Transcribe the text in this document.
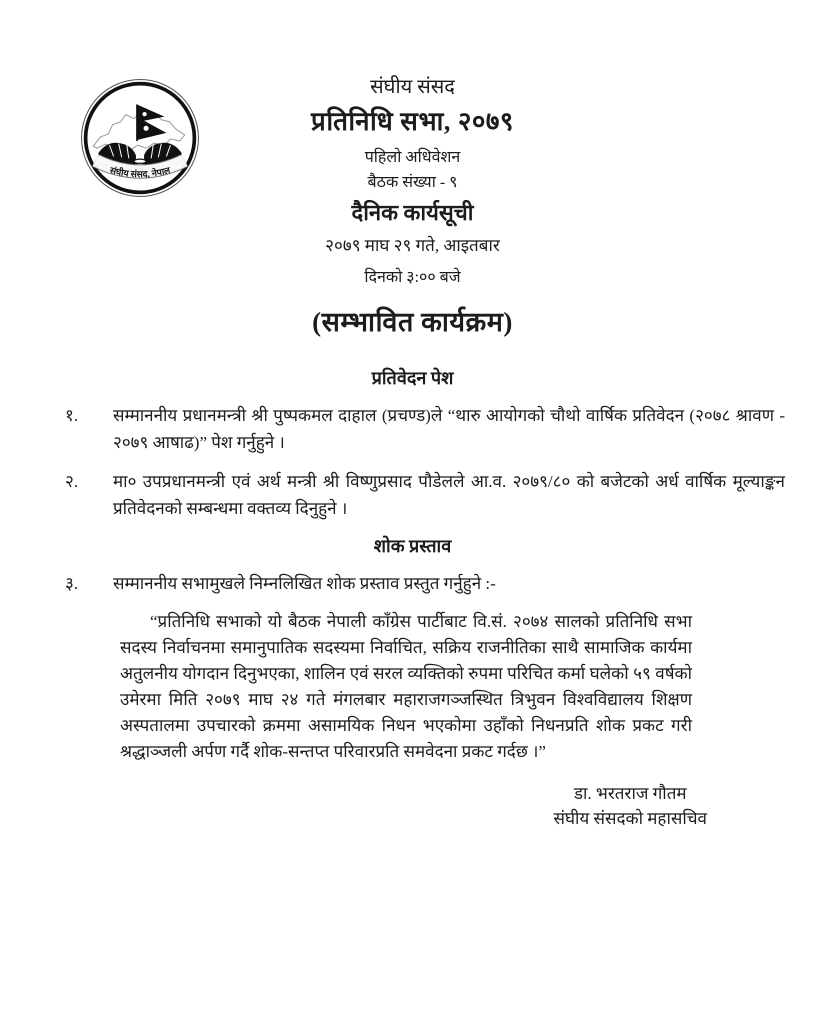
संघीय संसद, नेपाल
संघीय संसद
प्रतिनिधि सभा, २०७९
पहिलो अधिवेशन
बैठक संख्या - ९
दैनिक कार्यसूची
२०७९ माघ २९ गते, आइतबार
दिनको ३:०० बजे
(सम्भावित कार्यक्रम)
प्रतिवेदन पेश
१.	सम्माननीय प्रधानमन्त्री श्री पुष्पकमल दाहाल (प्रचण्ड)ले “थारु आयोगको चौथो वार्षिक प्रतिवेदन (२०७८ श्रावण - २०७९ आषाढ)” पेश गर्नुहुने ।
२.	मा० उपप्रधानमन्त्री एवं अर्थ मन्त्री श्री विष्णुप्रसाद पौडेलले आ.व. २०७९/८० को बजेटको अर्ध वार्षिक मूल्याङ्कन प्रतिवेदनको सम्बन्धमा वक्तव्य दिनुहुने ।
शोक प्रस्ताव
३.	सम्माननीय सभामुखले निम्नलिखित शोक प्रस्ताव प्रस्तुत गर्नुहुने :-
“प्रतिनिधि सभाको यो बैठक नेपाली काँग्रेस पार्टीबाट वि.सं. २०७४ सालको प्रतिनिधि सभा सदस्य निर्वाचनमा समानुपातिक सदस्यमा निर्वाचित, सक्रिय राजनीतिका साथै सामाजिक कार्यमा अतुलनीय योगदान दिनुभएका, शालिन एवं सरल व्यक्तिको रुपमा परिचित कर्मा घलेको ५९ वर्षको उमेरमा मिति २०७९ माघ २४ गते मंगलबार महाराजगञ्जस्थित त्रिभुवन विश्वविद्यालय शिक्षण अस्पतालमा उपचारको क्रममा असामयिक निधन भएकोमा उहाँको निधनप्रति शोक प्रकट गरी श्रद्धाञ्जली अर्पण गर्दै शोक-सन्तप्त परिवारप्रति समवेदना प्रकट गर्दछ ।”
डा. भरतराज गौतम
संघीय संसदको महासचिव
